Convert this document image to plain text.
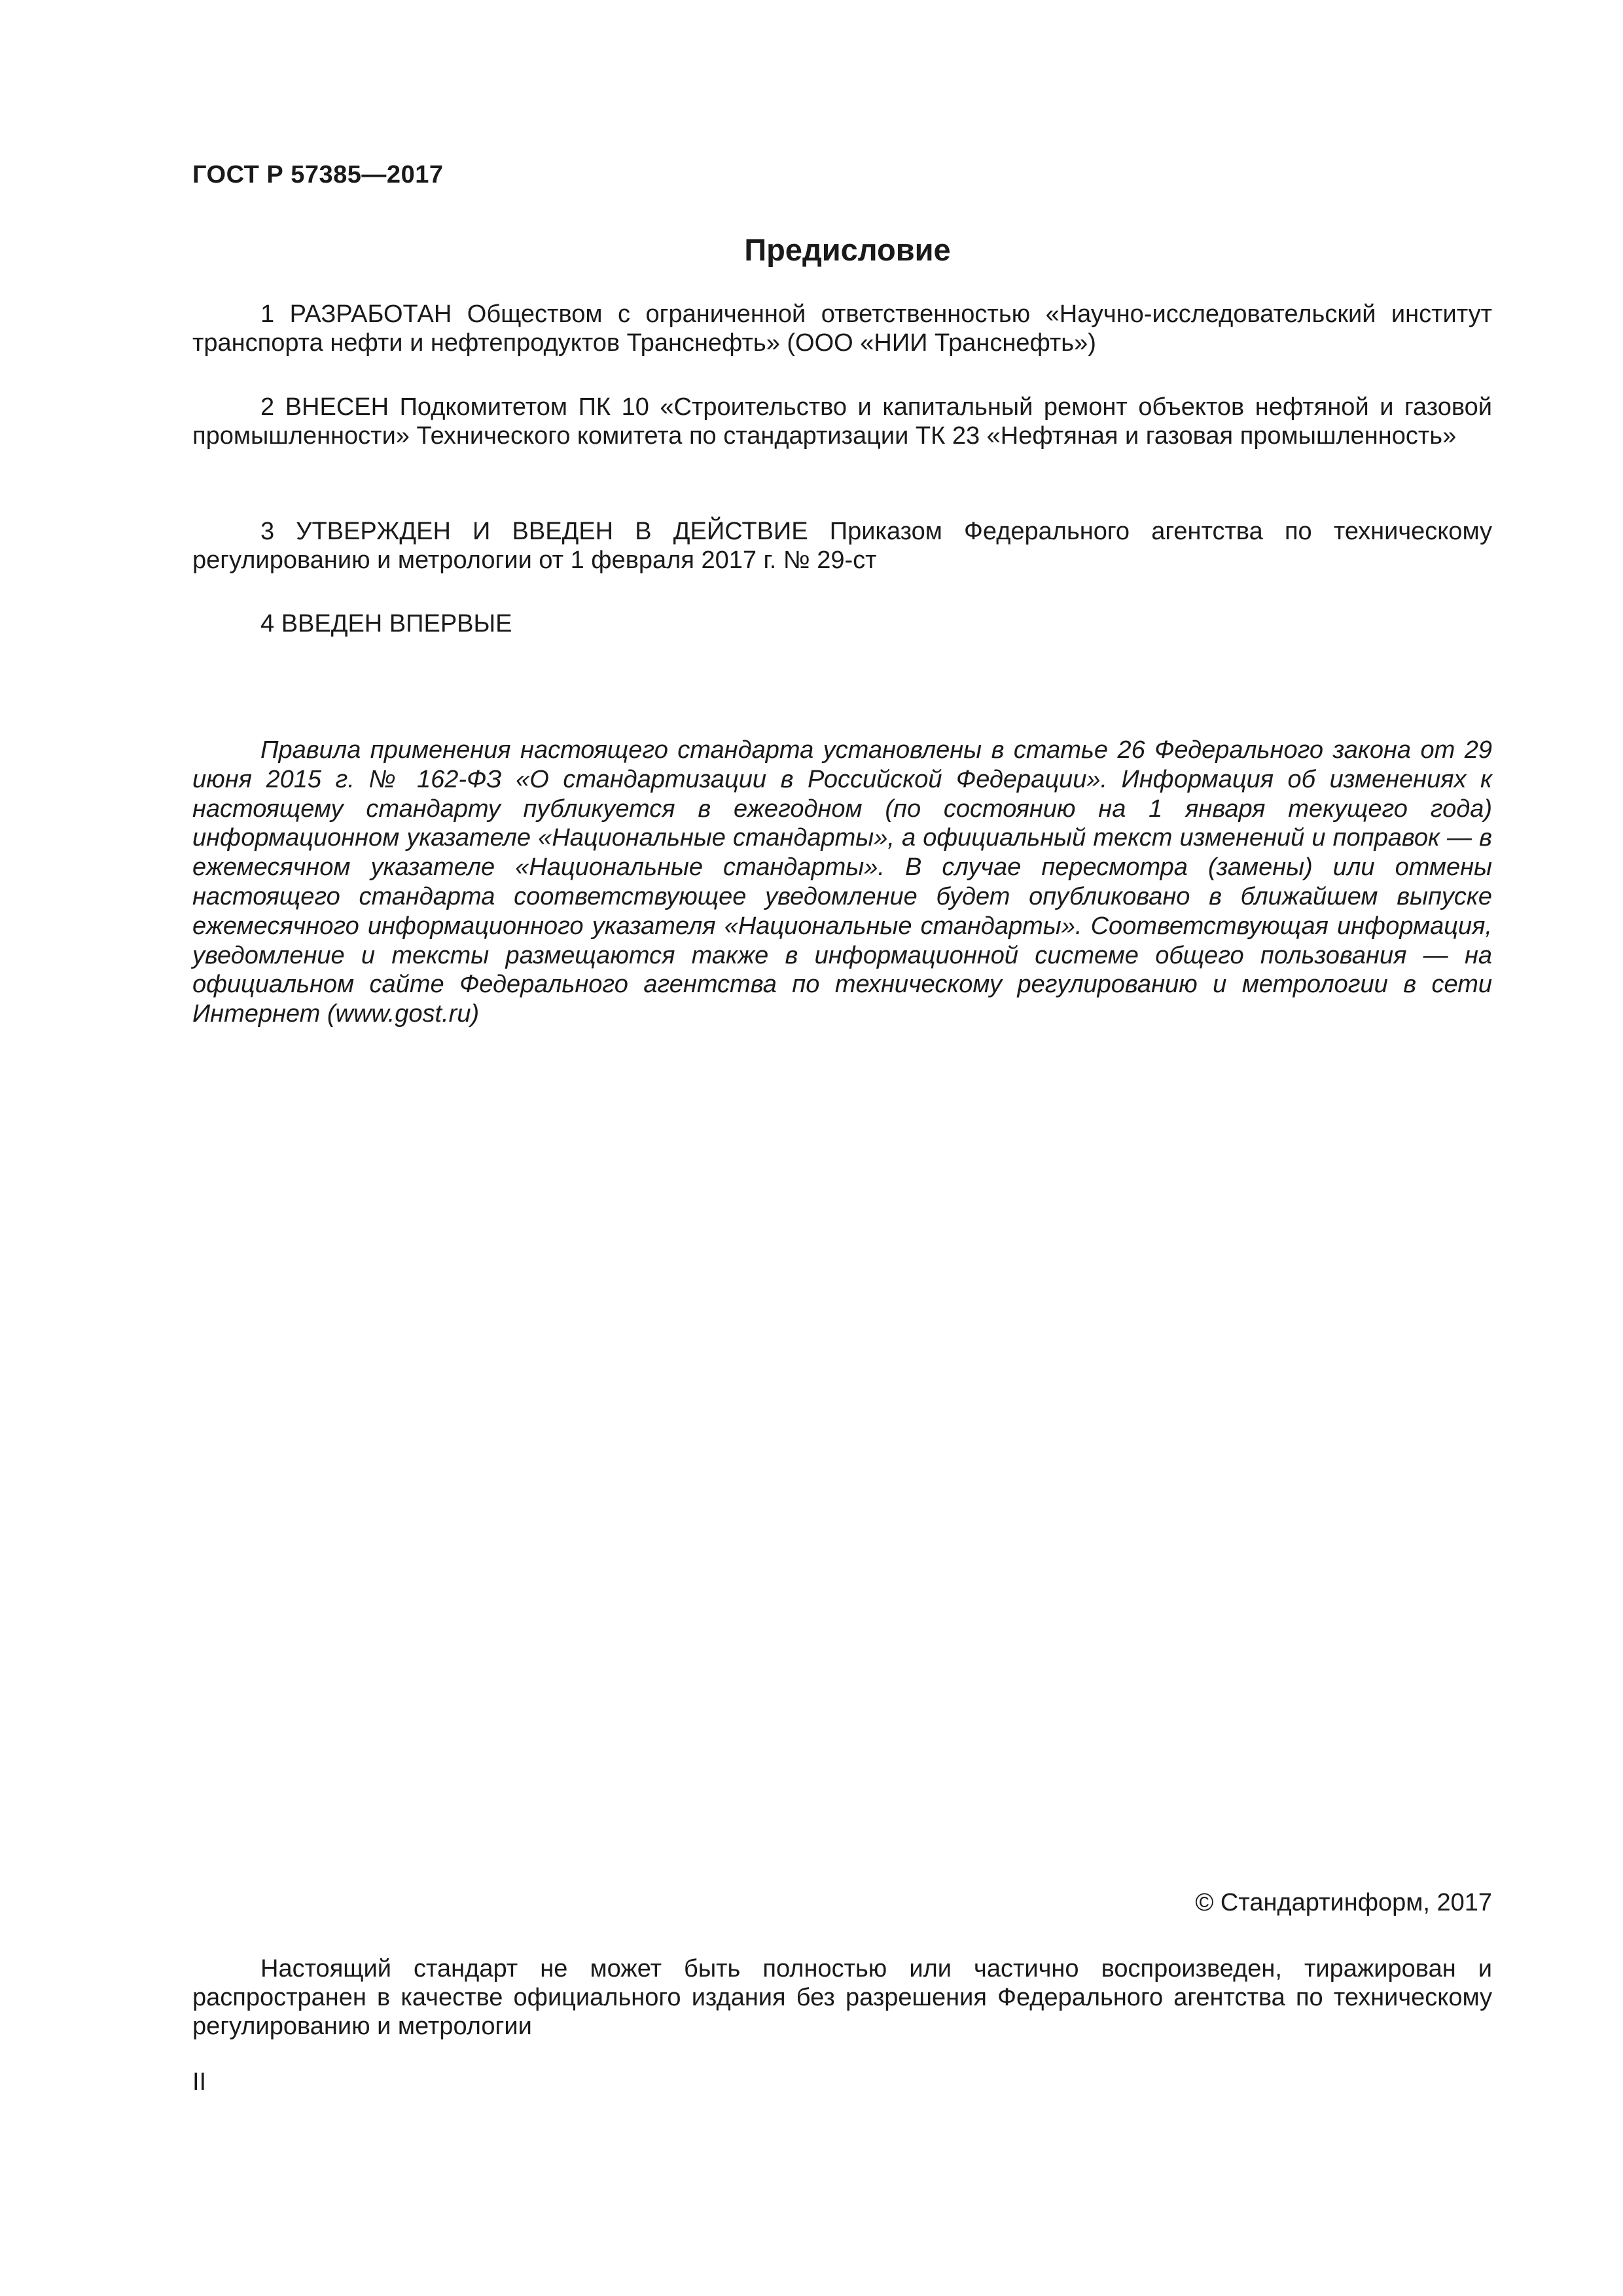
ГОСТ Р 57385—2017
Предисловие
1 РАЗРАБОТАН Обществом с ограниченной ответственностью «Научно-исследовательский институт транспорта нефти и нефтепродуктов Транснефть» (ООО «НИИ Транснефть»)
2 ВНЕСЕН Подкомитетом ПК 10 «Строительство и капитальный ремонт объектов нефтяной и газовой промышленности» Технического комитета по стандартизации ТК 23 «Нефтяная и газовая промышленность»
3 УТВЕРЖДЕН И ВВЕДЕН В ДЕЙСТВИЕ Приказом Федерального агентства по техническому регулированию и метрологии от 1 февраля 2017 г. № 29-ст
4 ВВЕДЕН ВПЕРВЫЕ
Правила применения настоящего стандарта установлены в статье 26 Федерального закона от 29 июня 2015 г. № 162-ФЗ «О стандартизации в Российской Федерации». Информация об изменениях к настоящему стандарту публикуется в ежегодном (по состоянию на 1 января текущего года) информационном указателе «Национальные стандарты», а официальный текст изменений и поправок — в ежемесячном указателе «Национальные стандарты». В случае пересмотра (замены) или отмены настоящего стандарта соответствующее уведомление будет опубликовано в ближайшем выпуске ежемесячного информационного указателя «Национальные стандарты». Соответствующая информация, уведомление и тексты размещаются также в информационной системе общего пользования — на официальном сайте Федерального агентства по техническому регулированию и метрологии в сети Интернет (www.gost.ru)
© Стандартинформ, 2017
Настоящий стандарт не может быть полностью или частично воспроизведен, тиражирован и распространен в качестве официального издания без разрешения Федерального агентства по техническому регулированию и метрологии
II
